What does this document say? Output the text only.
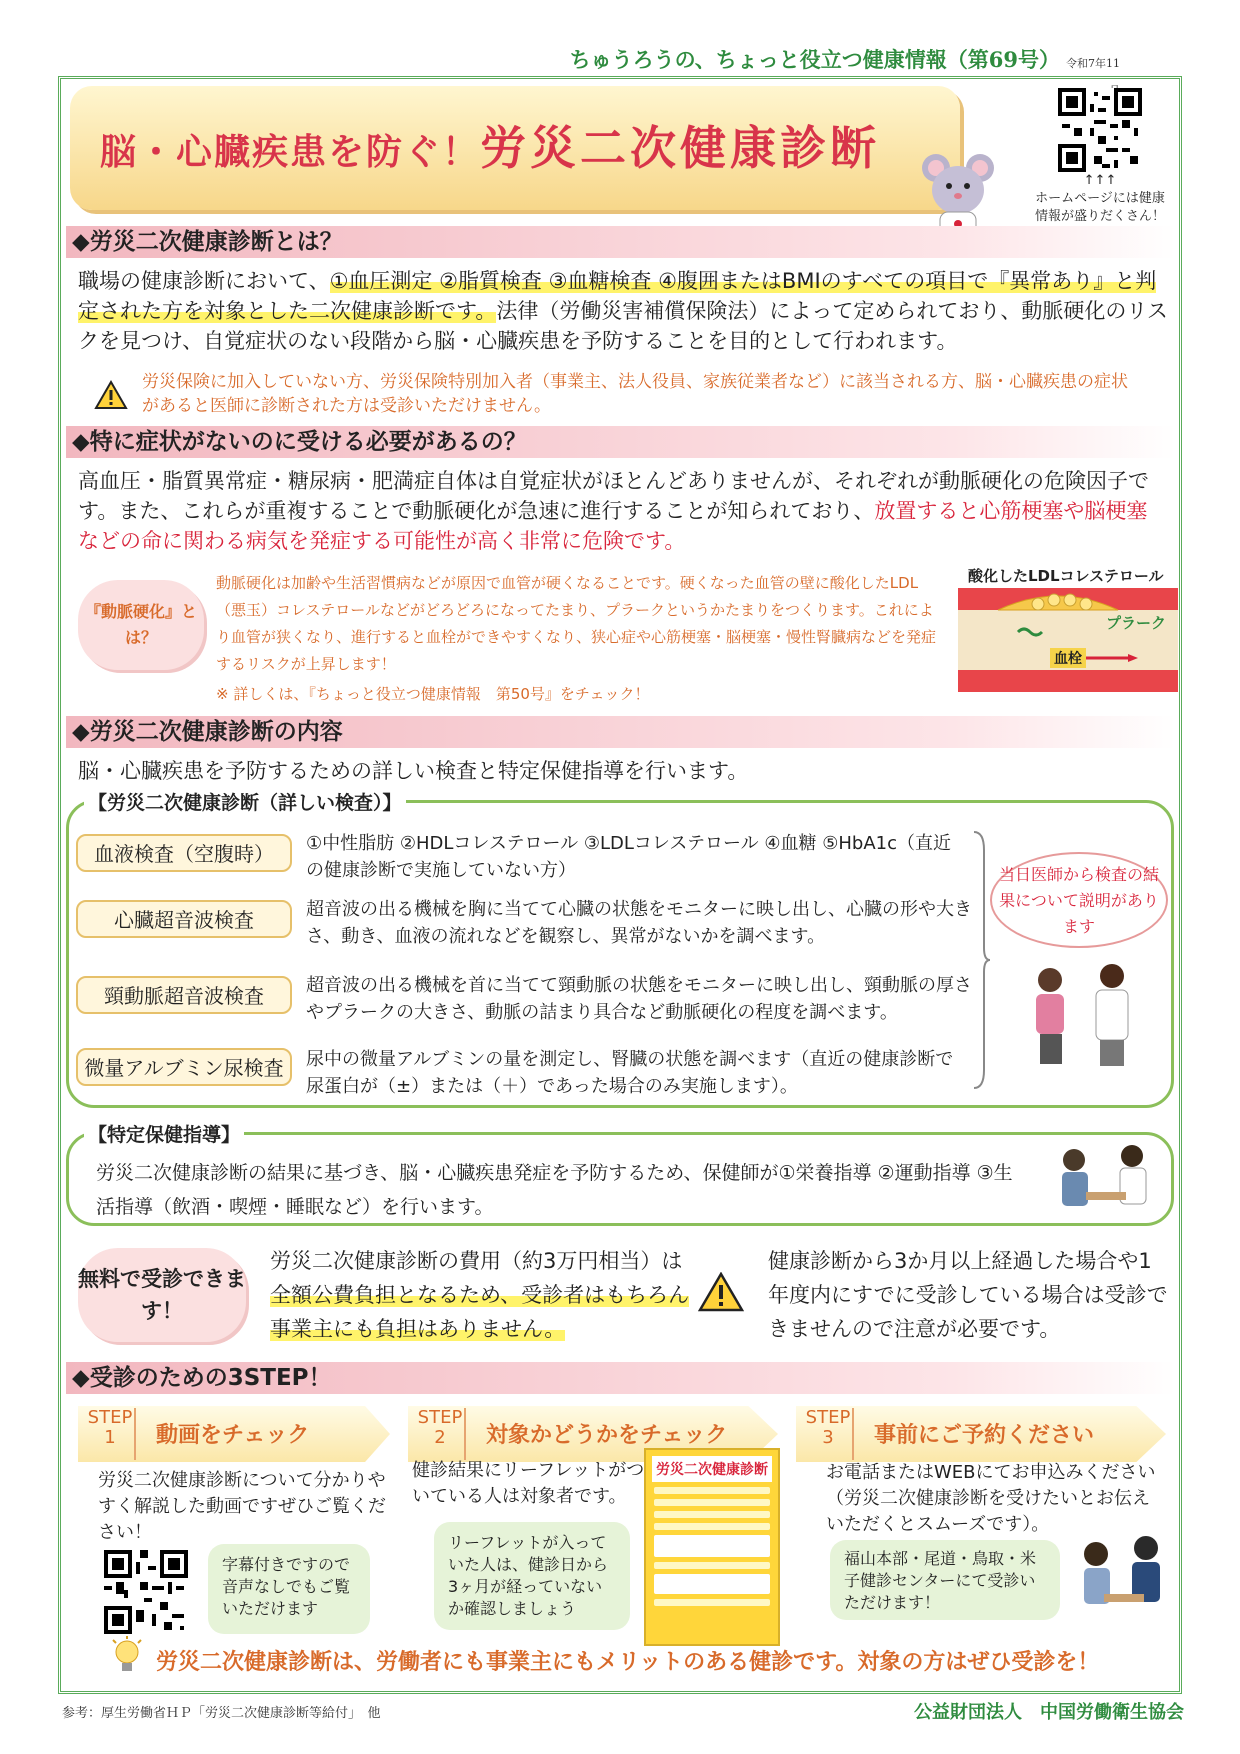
ちゅうろうの、ちょっと役立つ健康情報（第69号） 令和7年11
脳・心臓疾患を防ぐ！労災二次健康診断
↑↑↑
ホームページには健康情報が盛りだくさん！
◆労災二次健康診断とは？
職場の健康診断において、①血圧測定 ②脂質検査 ③血糖検査 ④腹囲またはBMIのすべての項目で『異常あり』と判定された方を対象とした二次健康診断です。法律（労働災害補償保険法）によって定められており、動脈硬化のリスクを見つけ、自覚症状のない段階から脳・心臓疾患を予防することを目的として行われます。
労災保険に加入していない方、労災保険特別加入者（事業主、法人役員、家族従業者など）に該当される方、脳・心臓疾患の症状があると医師に診断された方は受診いただけません。
◆特に症状がないのに受ける必要があるの？
高血圧・脂質異常症・糖尿病・肥満症自体は自覚症状がほとんどありませんが、それぞれが動脈硬化の危険因子です。また、これらが重複することで動脈硬化が急速に進行することが知られており、放置すると心筋梗塞や脳梗塞などの命に関わる病気を発症する可能性が高く非常に危険です。
『動脈硬化』とは？
動脈硬化は加齢や生活習慣病などが原因で血管が硬くなることです。硬くなった血管の壁に酸化したLDL（悪玉）コレステロールなどがどろどろになってたまり、プラークというかたまりをつくります。これにより血管が狭くなり、進行すると血栓ができやすくなり、狭心症や心筋梗塞・脳梗塞・慢性腎臓病などを発症するリスクが上昇します！
※ 詳しくは、『ちょっと役立つ健康情報　第50号』をチェック！
酸化したLDLコレステロール
プラーク
血栓
◆労災二次健康診断の内容
脳・心臓疾患を予防するための詳しい検査と特定保健指導を行います。
【労災二次健康診断（詳しい検査）】
血液検査（空腹時）	①中性脂肪 ②HDLコレステロール ③LDLコレステロール ④血糖 ⑤HbA1c（直近の健康診断で実施していない方）
心臓超音波検査	超音波の出る機械を胸に当てて心臓の状態をモニターに映し出し、心臓の形や大きさ、動き、血液の流れなどを観察し、異常がないかを調べます。
頸動脈超音波検査	超音波の出る機械を首に当てて頸動脈の状態をモニターに映し出し、頸動脈の厚さやプラークの大きさ、動脈の詰まり具合など動脈硬化の程度を調べます。
微量アルブミン尿検査	尿中の微量アルブミンの量を測定し、腎臓の状態を調べます（直近の健康診断で尿蛋白が（±）または（＋）であった場合のみ実施します）。
当日医師から検査の結果について説明があります
【特定保健指導】
労災二次健康診断の結果に基づき、脳・心臓疾患発症を予防するため、保健師が①栄養指導 ②運動指導 ③生活指導（飲酒・喫煙・睡眠など）を行います。
無料で受診できます！
労災二次健康診断の費用（約3万円相当）は全額公費負担となるため、受診者はもちろん事業主にも負担はありません。
健康診断から3か月以上経過した場合や1年度内にすでに受診している場合は受診できませんので注意が必要です。
◆受診のための3STEP！
STEP
1	動画をチェック
労災二次健康診断について分かりやすく解説した動画ですぜひご覧ください！
字幕付きですので音声なしでもご覧いただけます
STEP
2	対象かどうかをチェック
健診結果にリーフレットがついている人は対象者です。
リーフレットが入っていた人は、健診日から3ヶ月が経っていないか確認しましょう
労災二次健康診断
STEP
3	事前にご予約ください
お電話またはWEBにてお申込みください（労災二次健康診断を受けたいとお伝えいただくとスムーズです）。
福山本部・尾道・鳥取・米子健診センターにて受診いただけます！
労災二次健康診断は、労働者にも事業主にもメリットのある健診です。対象の方はぜひ受診を！
参考：厚生労働省ＨＰ「労災二次健康診断等給付」　他	公益財団法人　中国労働衛生協会
